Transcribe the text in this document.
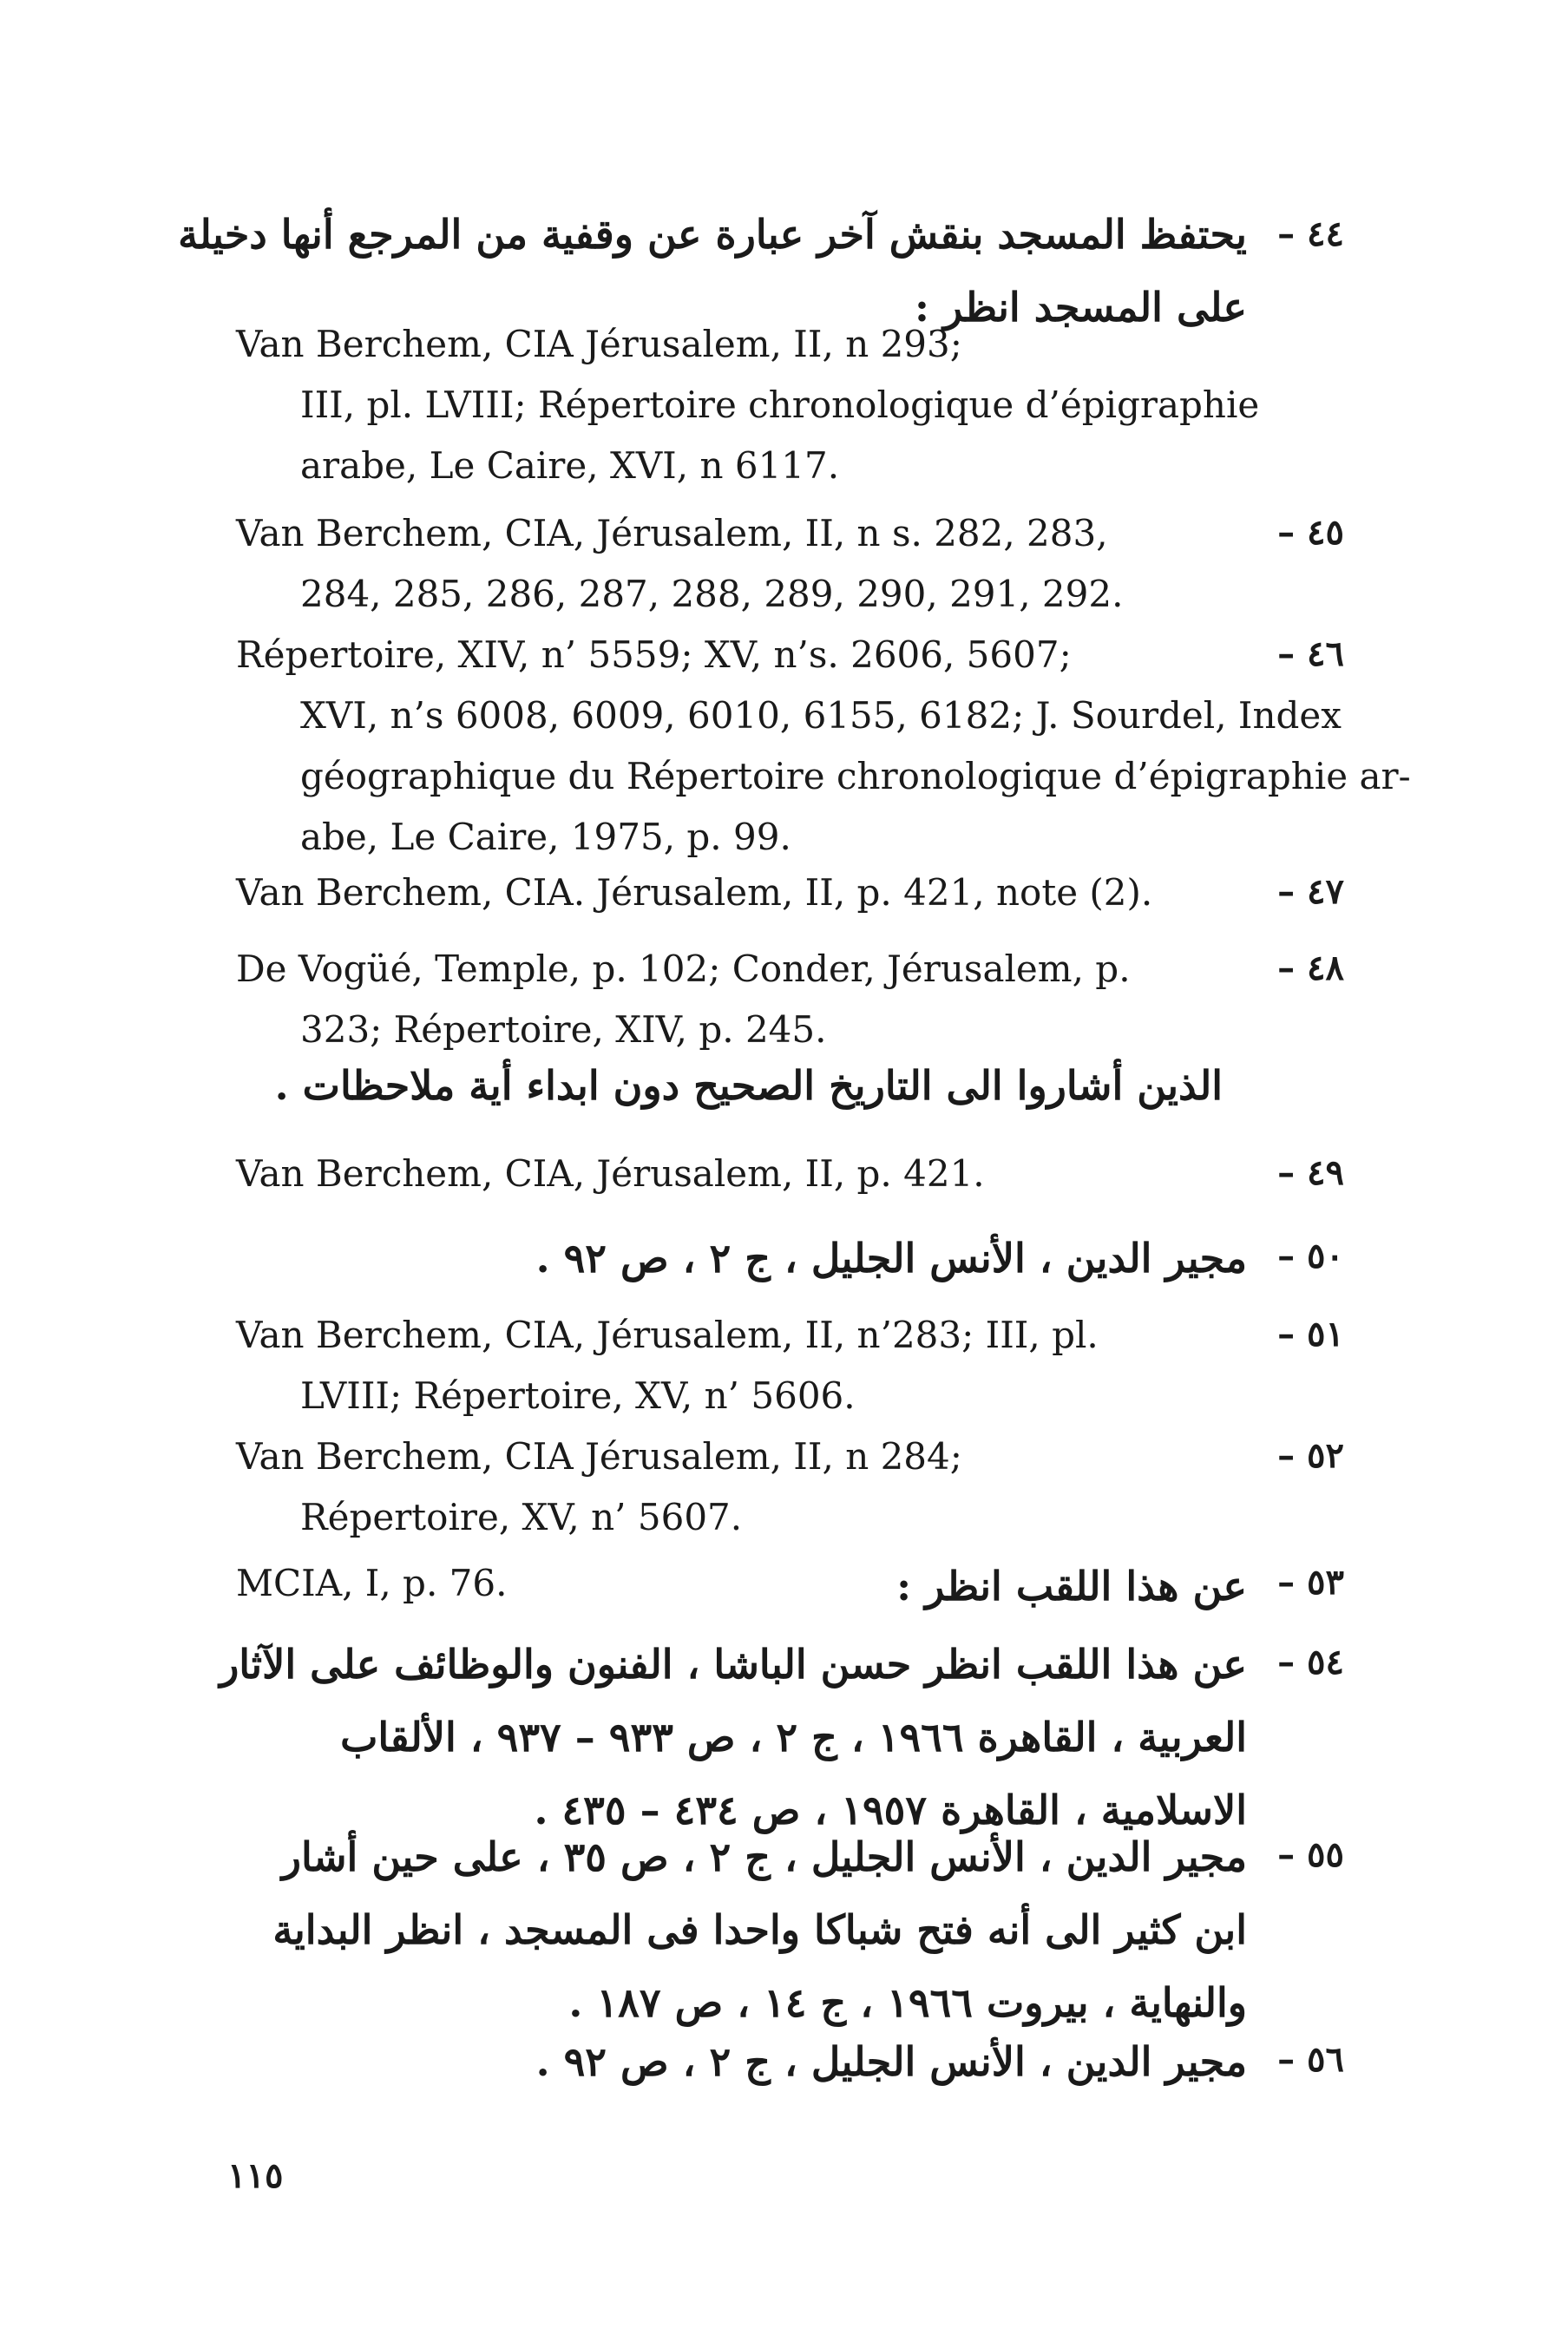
٤٤ –
يحتفظ المسجد بنقش آخر عبارة عن وقفية من المرجع أنها دخيلة
على المسجد انظر :
Van Berchem, CIA Jérusalem, II, n 293;
III, pl. LVIII; Répertoire chronologique d’épigraphie
arabe, Le Caire, XVI, n 6117.
٤٥ –
Van Berchem, CIA, Jérusalem, II, n s. 282, 283,
284, 285, 286, 287, 288, 289, 290, 291, 292.
٤٦ –
Répertoire, XIV, n’ 5559; XV, n’s. 2606, 5607;
XVI, n’s 6008, 6009, 6010, 6155, 6182; J. Sourdel, Index
géographique du Répertoire chronologique d’épigraphie ar-
abe, Le Caire, 1975, p. 99.
٤٧ –
Van Berchem, CIA. Jérusalem, II, p. 421, note (2).
٤٨ –
De Vogüé, Temple, p. 102; Conder, Jérusalem, p.
323; Répertoire, XIV, p. 245.
الذين أشاروا الى التاريخ الصحيح دون ابداء أية ملاحظات .
٤٩ –
Van Berchem, CIA, Jérusalem, II, p. 421.
٥٠ –
مجير الدين ، الأنس الجليل ، ج ٢ ، ص ٩٢ .
٥١ –
Van Berchem, CIA, Jérusalem, II, n’283; III, pl.
LVIII; Répertoire, XV, n’ 5606.
٥٢ –
Van Berchem, CIA Jérusalem, II, n 284;
Répertoire, XV, n’ 5607.
٥٣ –
عن هذا اللقب انظر :
MCIA, I, p. 76.
٥٤ –
عن هذا اللقب انظر حسن الباشا ، الفنون والوظائف على الآثار
العربية ، القاهرة ١٩٦٦ ، ج ٢ ، ص ٩٣٣ – ٩٣٧ ، الألقاب
الاسلامية ، القاهرة ١٩٥٧ ، ص ٤٣٤ – ٤٣٥ .
٥٥ –
مجير الدين ، الأنس الجليل ، ج ٢ ، ص ٣٥ ، على حين أشار
ابن كثير الى أنه فتح شباكا واحدا فى المسجد ، انظر البداية
والنهاية ، بيروت ١٩٦٦ ، ج ١٤ ، ص ١٨٧ .
٥٦ –
مجير الدين ، الأنس الجليل ، ج ٢ ، ص ٩٢ .
١١٥
